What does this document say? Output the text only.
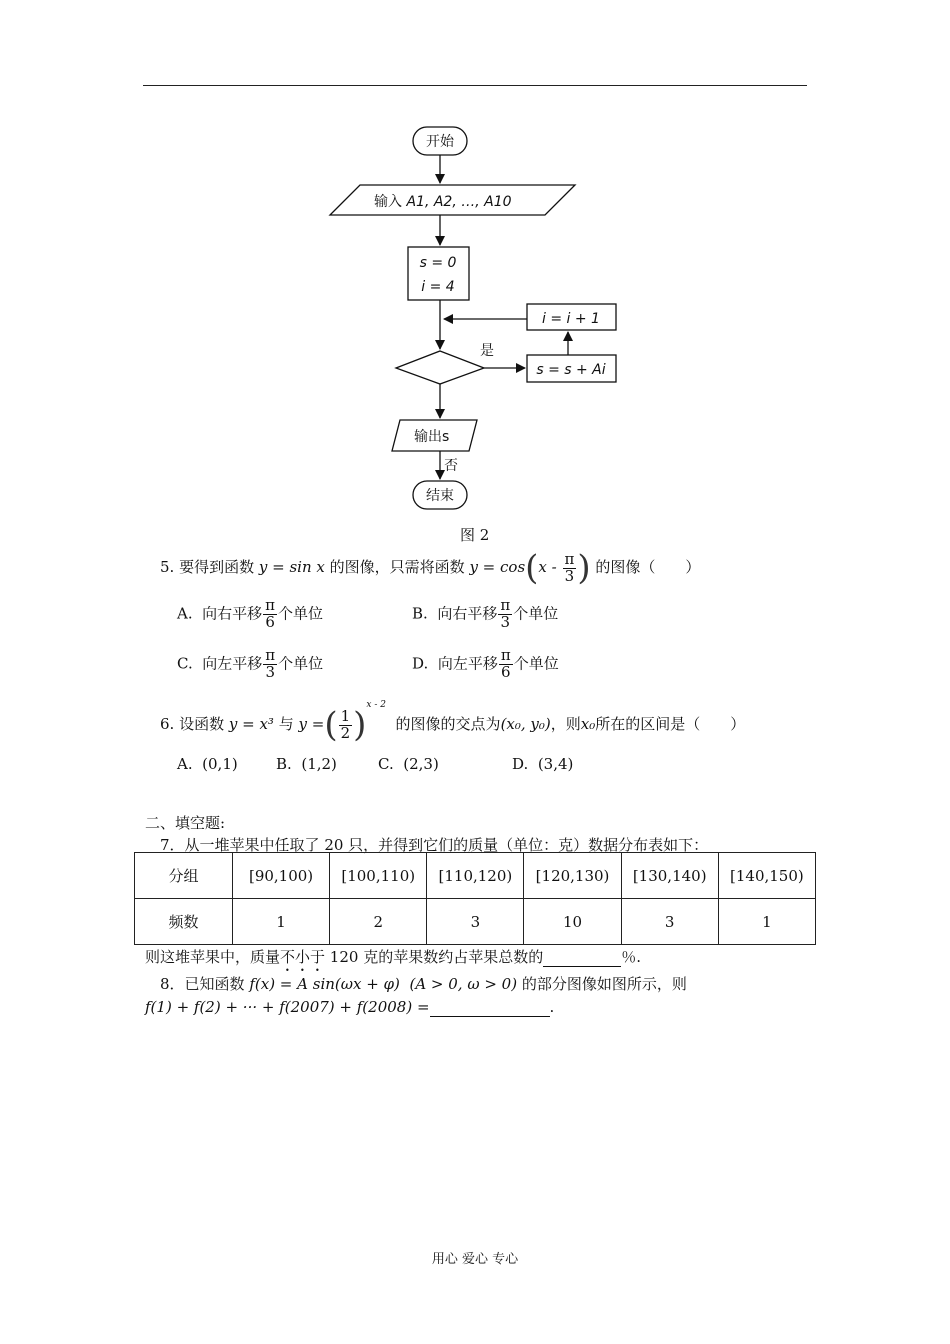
开始
输入 A1, A2, …, A10
s = 0
i = 4
i = i + 1
是
s = s + Ai
输出s
否
结束
图 2
5. 要得到函数 y = sin x 的图像，只需将函数 $y = \cos(x - \frac{\pi}{3}$ ) 的图像（　　）
A. 向右平移 $\frac{\pi}{6}$ 个单位	B. 向右平移 $\frac{\pi}{3}$ 个单位
C. 向左平移 $\frac{\pi}{3}$ 个单位	D. 向左平移 $\frac{\pi}{6}$ 个单位
6. 设函数 y = x³ 与 y =( $\frac{1}{2} )^{x - 2}$  的图像的交点为(x₀, y₀)，则x₀所在的区间是（　　）
A. (0,1)	B. (1,2)	C. (2,3)	D. (3,4)
二、填空题:
7．从一堆苹果中任取了 20 只，并得到它们的质量（单位：克）数据分布表如下：
分组	[90,100)	[100,110)	[110,120)	[120,130)	[130,140)	[140,150)
频数	1	2	3	10	3	1
则这堆苹果中，质量不小于 120 克的苹果数约占苹果总数的	％.
8．已知函数 f(x) = A sin(ωx + φ) (A > 0, ω > 0) 的部分图像如图所示，则
f(1) + f(2) + ··· + f(2007) + f(2008) =	.
用心 爱心 专心
